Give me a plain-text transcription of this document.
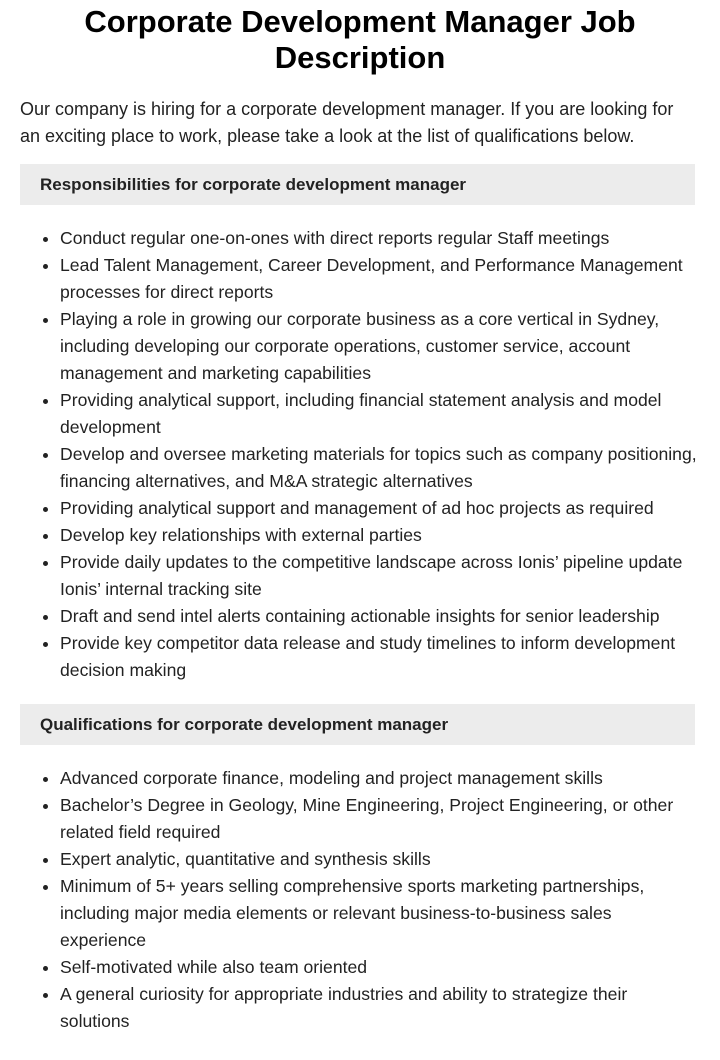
Corporate Development Manager Job Description

Our company is hiring for a corporate development manager. If you are looking for an exciting place to work, please take a look at the list of qualifications below.

Responsibilities for corporate development manager
• Conduct regular one-on-ones with direct reports regular Staff meetings
• Lead Talent Management, Career Development, and Performance Management processes for direct reports
• Playing a role in growing our corporate business as a core vertical in Sydney, including developing our corporate operations, customer service, account management and marketing capabilities
• Providing analytical support, including financial statement analysis and model development
• Develop and oversee marketing materials for topics such as company positioning, financing alternatives, and M&A strategic alternatives
• Providing analytical support and management of ad hoc projects as required
• Develop key relationships with external parties
• Provide daily updates to the competitive landscape across Ionis’ pipeline update Ionis’ internal tracking site
• Draft and send intel alerts containing actionable insights for senior leadership
• Provide key competitor data release and study timelines to inform development decision making
Qualifications for corporate development manager
• Advanced corporate finance, modeling and project management skills
• Bachelor’s Degree in Geology, Mine Engineering, Project Engineering, or other related field required
• Expert analytic, quantitative and synthesis skills
• Minimum of 5+ years selling comprehensive sports marketing partnerships, including major media elements or relevant business-to-business sales experience
• Self-motivated while also team oriented
• A general curiosity for appropriate industries and ability to strategize their solutions
